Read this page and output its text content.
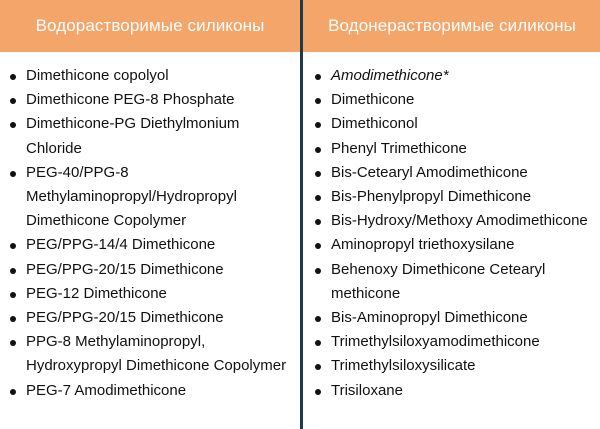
Водорастворимые силиконы	Водонерастворимые силиконы
Dimethicone copolyol
Dimethicone PEG-8 Phosphate
Dimethicone-PG Diethylmonium Chloride
PEG-40/PPG-8 Methylaminopropyl/Hydropropyl Dimethicone Copolymer
PEG/PPG-14/4 Dimethicone
PEG/PPG-20/15 Dimethicone
PEG-12 Dimethicone
PEG/PPG-20/15 Dimethicone
PPG-8 Methylaminopropyl, Hydroxypropyl Dimethicone Copolymer
PEG-7 Amodimethicone
Amodimethicone*
Dimethicone
Dimethiconol
Phenyl Trimethicone
Bis-Cetearyl Amodimethicone
Bis-Phenylpropyl Dimethicone
Bis-Hydroxy/Methoxy Amodimethicone
Aminopropyl triethoxysilane
Behenoxy Dimethicone Cetearyl methicone
Bis-Aminopropyl Dimethicone
Trimethylsiloxyamodimethicone
Trimethylsiloxysilicate
Trisiloxane
